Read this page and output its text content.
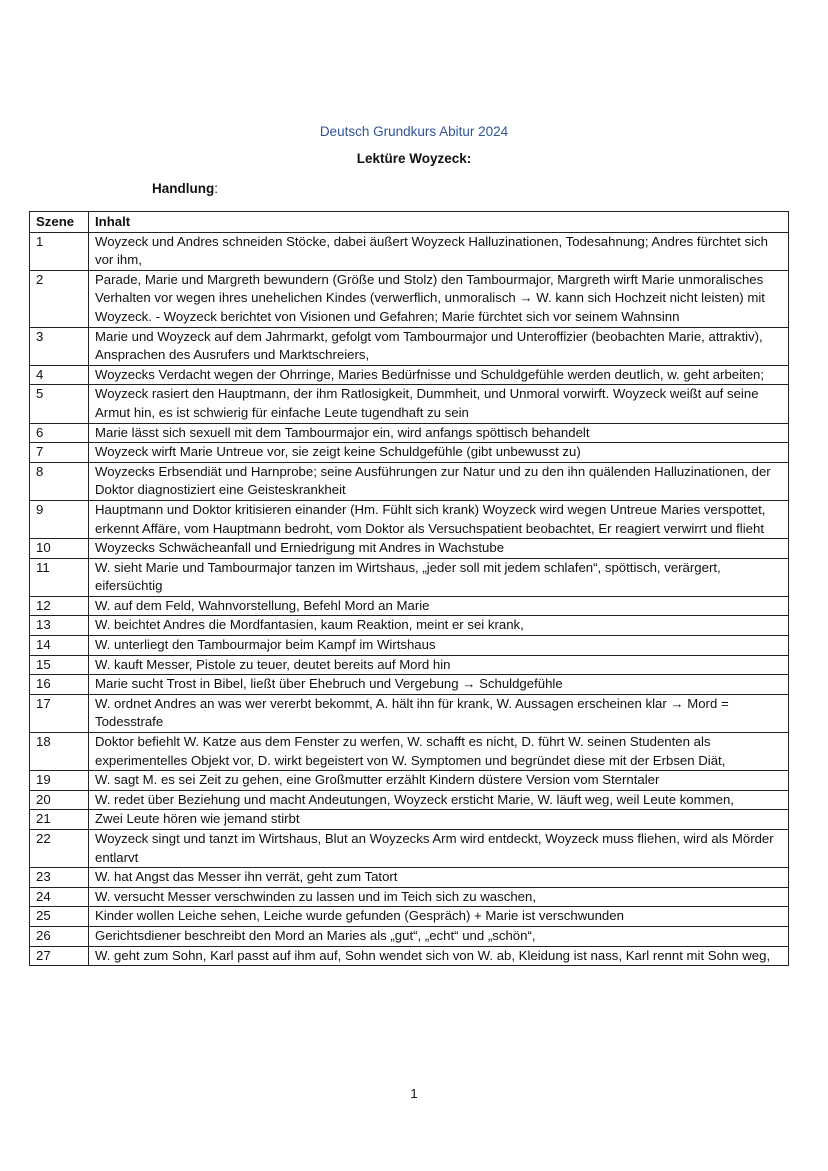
Deutsch Grundkurs Abitur 2024
Lektüre Woyzeck:
Handlung:
Szene	Inhalt
1	Woyzeck und Andres schneiden Stöcke, dabei äußert Woyzeck Halluzinationen, Todesahnung; Andres fürchtet sich vor ihm,
2	Parade, Marie und Margreth bewundern (Größe und Stolz) den Tambourmajor, Margreth wirft Marie unmoralisches Verhalten vor wegen ihres unehelichen Kindes (verwerflich, unmoralisch → W. kann sich Hochzeit nicht leisten) mit Woyzeck. - Woyzeck berichtet von Visionen und Gefahren; Marie fürchtet sich vor seinem Wahnsinn
3	Marie und Woyzeck auf dem Jahrmarkt, gefolgt vom Tambourmajor und Unteroffizier (beobachten Marie, attraktiv), Ansprachen des Ausrufers und Marktschreiers,
4	Woyzecks Verdacht wegen der Ohrringe, Maries Bedürfnisse und Schuldgefühle werden deutlich, w. geht arbeiten;
5	Woyzeck rasiert den Hauptmann, der ihm Ratlosigkeit, Dummheit, und Unmoral vorwirft. Woyzeck weißt auf seine Armut hin, es ist schwierig für einfache Leute tugendhaft zu sein
6	Marie lässt sich sexuell mit dem Tambourmajor ein, wird anfangs spöttisch behandelt
7	Woyzeck wirft Marie Untreue vor, sie zeigt keine Schuldgefühle (gibt unbewusst zu)
8	Woyzecks Erbsendiät und Harnprobe; seine Ausführungen zur Natur und zu den ihn quälenden Halluzinationen, der Doktor diagnostiziert eine Geisteskrankheit
9	Hauptmann und Doktor kritisieren einander (Hm. Fühlt sich krank) Woyzeck wird wegen Untreue Maries verspottet, erkennt Affäre, vom Hauptmann bedroht, vom Doktor als Versuchspatient beobachtet, Er reagiert verwirrt und flieht
10	Woyzecks Schwächeanfall und Erniedrigung mit Andres in Wachstube
11	W. sieht Marie und Tambourmajor tanzen im Wirtshaus, „jeder soll mit jedem schlafen“, spöttisch, verärgert, eifersüchtig
12	W. auf dem Feld, Wahnvorstellung, Befehl Mord an Marie
13	W. beichtet Andres die Mordfantasien, kaum Reaktion, meint er sei krank,
14	W. unterliegt den Tambourmajor beim Kampf im Wirtshaus
15	W. kauft Messer, Pistole zu teuer, deutet bereits auf Mord hin
16	Marie sucht Trost in Bibel, ließt über Ehebruch und Vergebung → Schuldgefühle
17	W. ordnet Andres an was wer vererbt bekommt, A. hält ihn für krank, W. Aussagen erscheinen klar → Mord = Todesstrafe
18	Doktor befiehlt W. Katze aus dem Fenster zu werfen, W. schafft es nicht, D. führt W. seinen Studenten als experimentelles Objekt vor, D. wirkt begeistert von W. Symptomen und begründet diese mit der Erbsen Diät,
19	W. sagt M. es sei Zeit zu gehen, eine Großmutter erzählt Kindern düstere Version vom Sterntaler
20	W. redet über Beziehung und macht Andeutungen, Woyzeck ersticht Marie, W. läuft weg, weil Leute kommen,
21	Zwei Leute hören wie jemand stirbt
22	Woyzeck singt und tanzt im Wirtshaus, Blut an Woyzecks Arm wird entdeckt, Woyzeck muss fliehen, wird als Mörder entlarvt
23	W. hat Angst das Messer ihn verrät, geht zum Tatort
24	W. versucht Messer verschwinden zu lassen und im Teich sich zu waschen,
25	Kinder wollen Leiche sehen, Leiche wurde gefunden (Gespräch) + Marie ist verschwunden
26	Gerichtsdiener beschreibt den Mord an Maries als „gut“, „echt“ und „schön“,
27	W. geht zum Sohn, Karl passt auf ihm auf, Sohn wendet sich von W. ab, Kleidung ist nass, Karl rennt mit Sohn weg,
1
